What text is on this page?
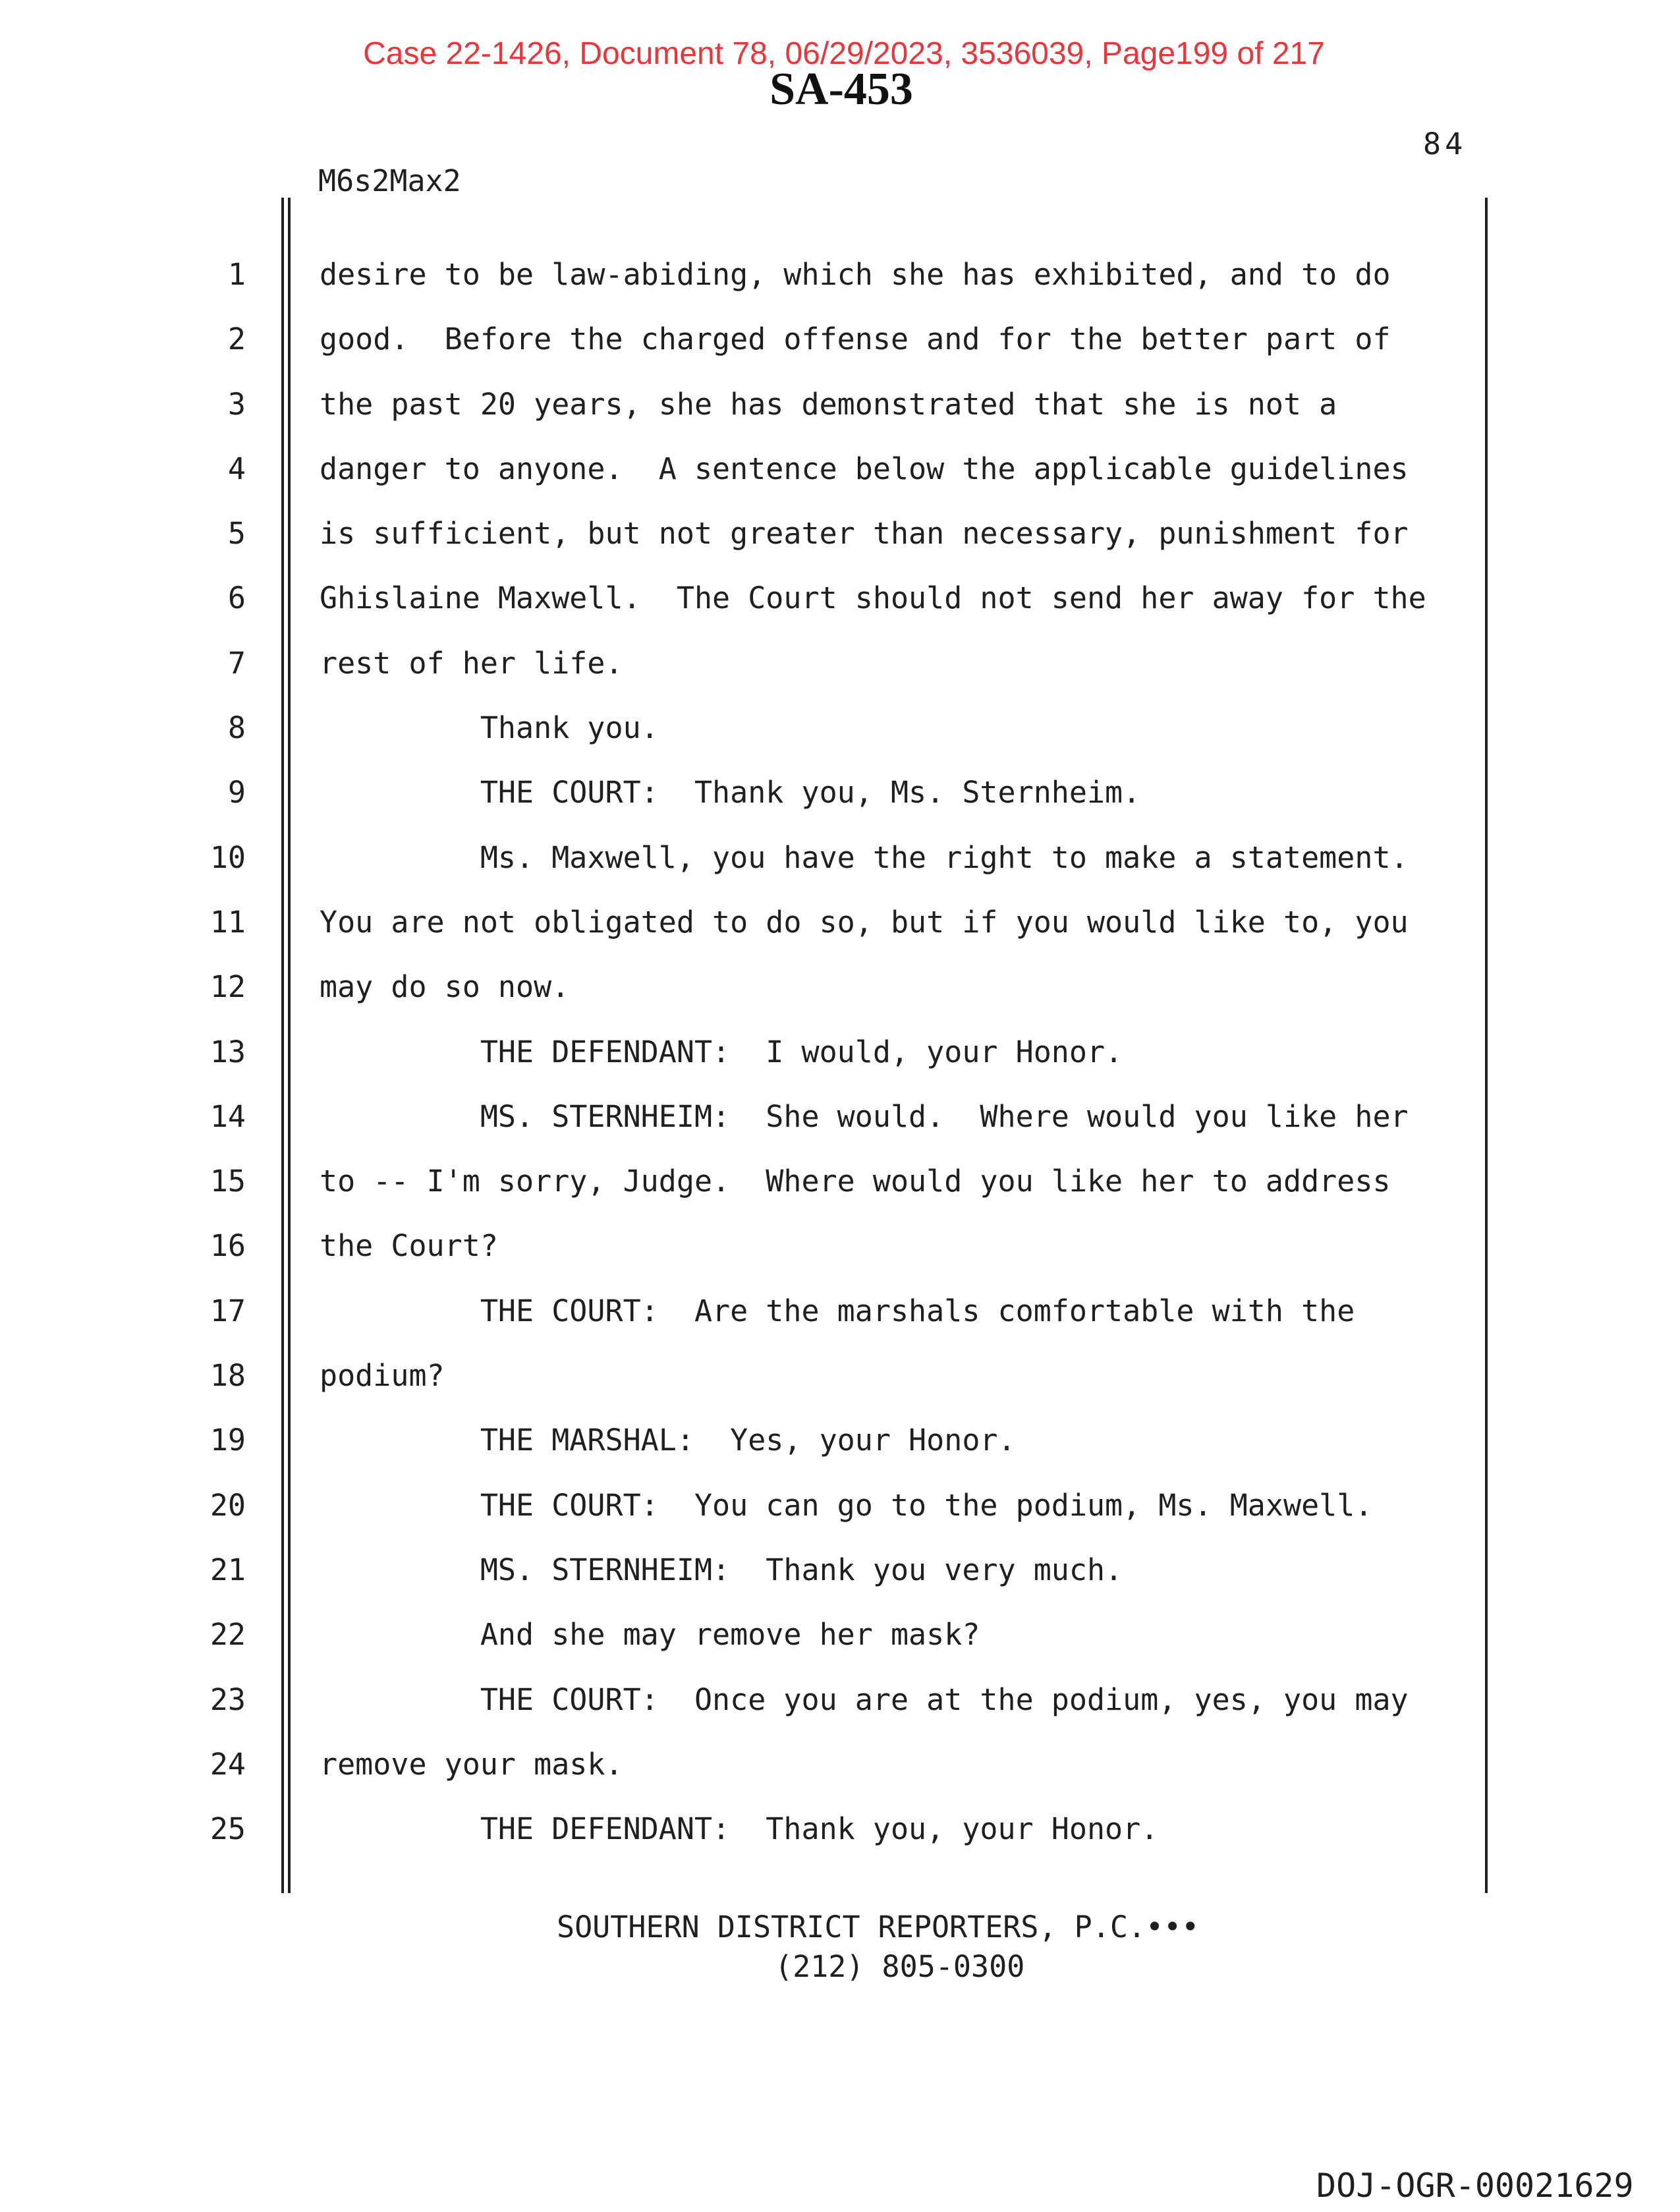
Case 22-1426, Document 78, 06/29/2023, 3536039, Page199 of 217
SA-453
84
M6s2Max2
1 desire to be law-abiding, which she has exhibited, and to do
2 good.  Before the charged offense and for the better part of
3 the past 20 years, she has demonstrated that she is not a
4 danger to anyone.  A sentence below the applicable guidelines
5 is sufficient, but not greater than necessary, punishment for
6 Ghislaine Maxwell.  The Court should not send her away for the
7 rest of her life.
8 Thank you.
9 THE COURT:  Thank you, Ms. Sternheim.
10 Ms. Maxwell, you have the right to make a statement.
11 You are not obligated to do so, but if you would like to, you
12 may do so now.
13 THE DEFENDANT:  I would, your Honor.
14 MS. STERNHEIM:  She would.  Where would you like her
15 to -- I'm sorry, Judge.  Where would you like her to address
16 the Court?
17 THE COURT:  Are the marshals comfortable with the
18 podium?
19 THE MARSHAL:  Yes, your Honor.
20 THE COURT:  You can go to the podium, Ms. Maxwell.
21 MS. STERNHEIM:  Thank you very much.
22 And she may remove her mask?
23 THE COURT:  Once you are at the podium, yes, you may
24 remove your mask.
25 THE DEFENDANT:  Thank you, your Honor.
SOUTHERN DISTRICT REPORTERS, P.C.•••
(212) 805-0300
DOJ-OGR-00021629
